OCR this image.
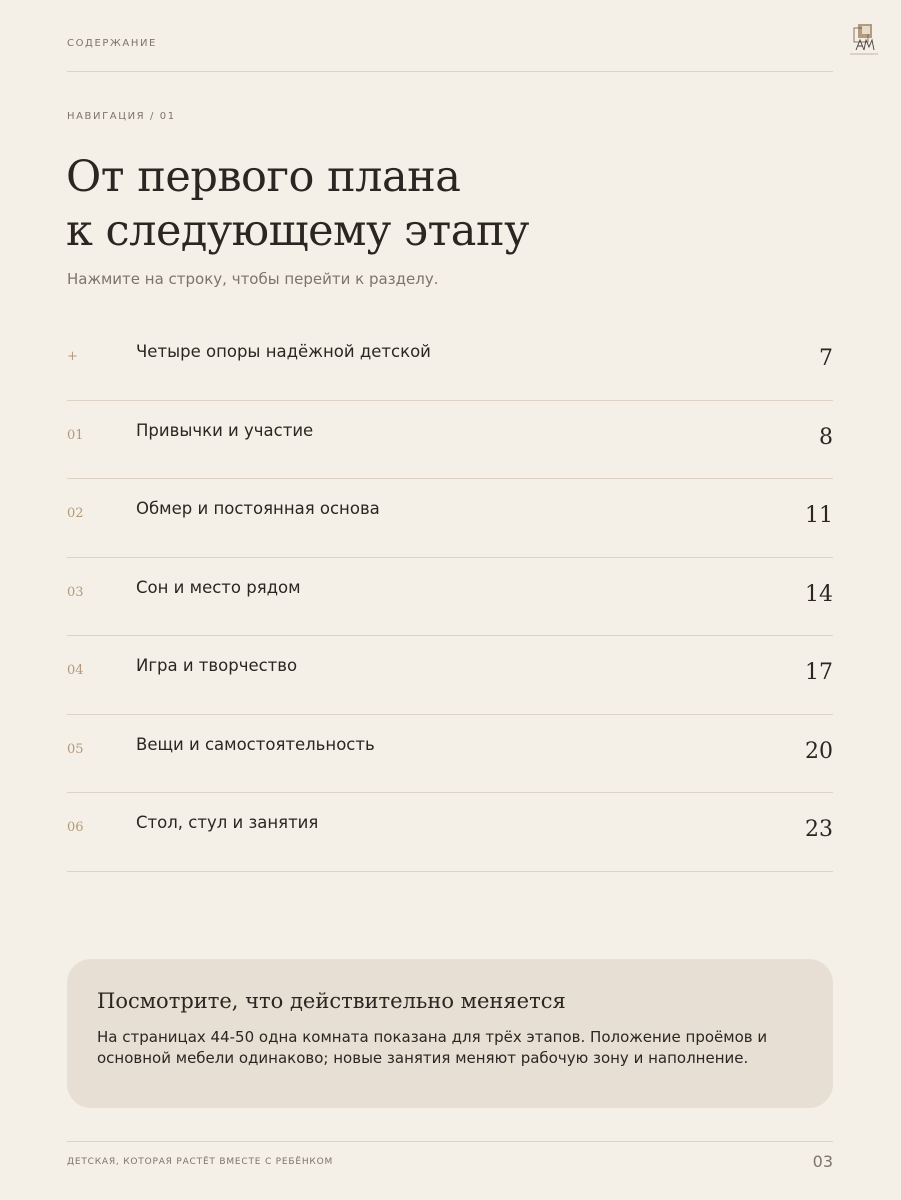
СОДЕРЖАНИЕ
НАВИГАЦИЯ / 01
От первого плана
к следующему этапу
Нажмите на строку, чтобы перейти к разделу.
+	Четыре опоры надёжной детской	7
01	Привычки и участие	8
02	Обмер и постоянная основа	11
03	Сон и место рядом	14
04	Игра и творчество	17
05	Вещи и самостоятельность	20
06	Стол, стул и занятия	23
Посмотрите, что действительно меняется

На страницах 44-50 одна комната показана для трёх этапов. Положение проёмов и основной мебели одинаково; новые занятия меняют рабочую зону и наполнение.

ДЕТСКАЯ, КОТОРАЯ РАСТЁТ ВМЕСТЕ С РЕБЁНКОМ	03
